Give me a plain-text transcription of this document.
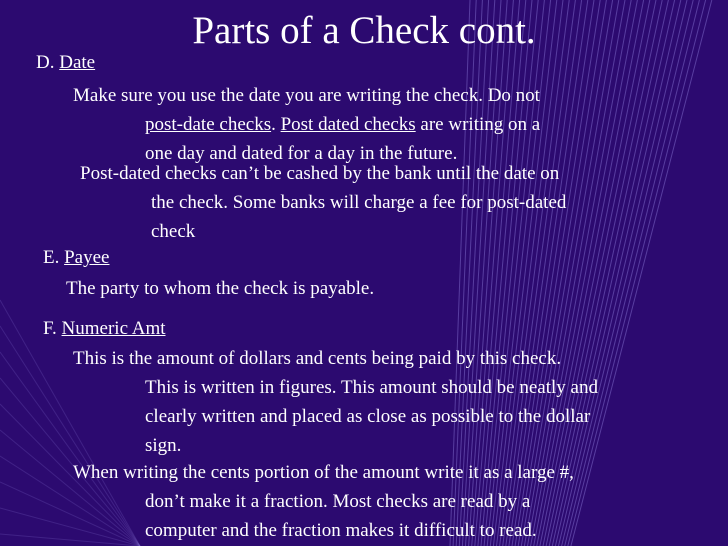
Parts of a Check cont.
D. Date
Make sure you use the date you are writing the check. Do not
post-date checks. Post dated checks are writing on a
one day and dated for a day in the future.
Post-dated checks can’t be cashed by the bank until the date on
the check. Some banks will charge a fee for post-dated
check
E. Payee
The party to whom the check is payable.
F. Numeric Amt
This is the amount of dollars and cents being paid by this check.
This is written in figures. This amount should be neatly and
clearly written and placed as close as possible to the dollar
sign.
When writing the cents portion of the amount write it as a large #,
don’t make it a fraction. Most checks are read by a
computer and the fraction makes it difficult to read.
